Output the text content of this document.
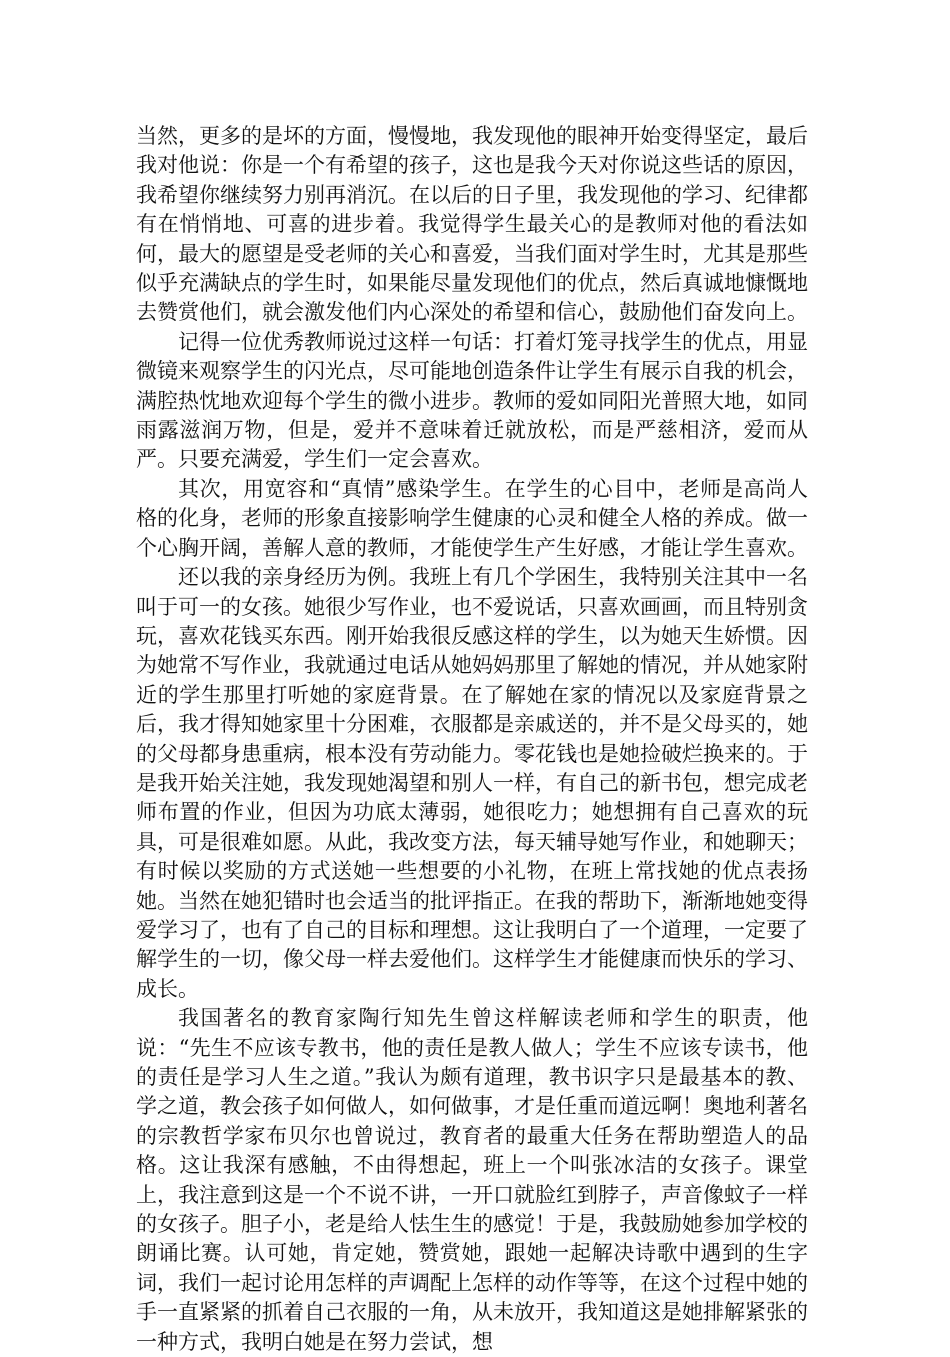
当然，更多的是坏的方面，慢慢地，我发现他的眼神开始变得坚定，最后我对他说：你是一个有希望的孩子，这也是我今天对你说这些话的原因，我希望你继续努力别再消沉。在以后的日子里，我发现他的学习、纪律都有在悄悄地、可喜的进步着。我觉得学生最关心的是教师对他的看法如何，最大的愿望是受老师的关心和喜爱，当我们面对学生时，尤其是那些似乎充满缺点的学生时，如果能尽量发现他们的优点，然后真诚地慷慨地去赞赏他们，就会激发他们内心深处的希望和信心，鼓励他们奋发向上。

记得一位优秀教师说过这样一句话：打着灯笼寻找学生的优点，用显微镜来观察学生的闪光点，尽可能地创造条件让学生有展示自我的机会，满腔热忱地欢迎每个学生的微小进步。教师的爱如同阳光普照大地，如同雨露滋润万物，但是，爱并不意味着迁就放松，而是严慈相济，爱而从严。只要充满爱，学生们一定会喜欢。

其次，用宽容和“真情”感染学生。在学生的心目中，老师是高尚人格的化身，老师的形象直接影响学生健康的心灵和健全人格的养成。做一个心胸开阔，善解人意的教师，才能使学生产生好感，才能让学生喜欢。

还以我的亲身经历为例。我班上有几个学困生，我特别关注其中一名叫于可一的女孩。她很少写作业，也不爱说话，只喜欢画画，而且特别贪玩，喜欢花钱买东西。刚开始我很反感这样的学生，以为她天生娇惯。因为她常不写作业，我就通过电话从她妈妈那里了解她的情况，并从她家附近的学生那里打听她的家庭背景。在了解她在家的情况以及家庭背景之后，我才得知她家里十分困难，衣服都是亲戚送的，并不是父母买的，她的父母都身患重病，根本没有劳动能力。零花钱也是她捡破烂换来的。于是我开始关注她，我发现她渴望和别人一样，有自己的新书包，想完成老师布置的作业，但因为功底太薄弱，她很吃力；她想拥有自己喜欢的玩具，可是很难如愿。从此，我改变方法，每天辅导她写作业，和她聊天；有时候以奖励的方式送她一些想要的小礼物，在班上常找她的优点表扬她。当然在她犯错时也会适当的批评指正。在我的帮助下，渐渐地她变得爱学习了，也有了自己的目标和理想。这让我明白了一个道理，一定要了解学生的一切，像父母一样去爱他们。这样学生才能健康而快乐的学习、成长。

我国著名的教育家陶行知先生曾这样解读老师和学生的职责，他说：“先生不应该专教书，他的责任是教人做人；学生不应该专读书，他的责任是学习人生之道。”我认为颇有道理，教书识字只是最基本的教、学之道，教会孩子如何做人，如何做事，才是任重而道远啊！奥地利著名的宗教哲学家布贝尔也曾说过，教育者的最重大任务在帮助塑造人的品格。这让我深有感触，不由得想起，班上一个叫张冰洁的女孩子。课堂上，我注意到这是一个不说不讲，一开口就脸红到脖子，声音像蚊子一样的女孩子。胆子小，老是给人怯生生的感觉！于是，我鼓励她参加学校的朗诵比赛。认可她，肯定她，赞赏她，跟她一起解决诗歌中遇到的生字词，我们一起讨论用怎样的声调配上怎样的动作等等，在这个过程中她的手一直紧紧的抓着自己衣服的一角，从未放开，我知道这是她排解紧张的一种方式，我明白她是在努力尝试，想
